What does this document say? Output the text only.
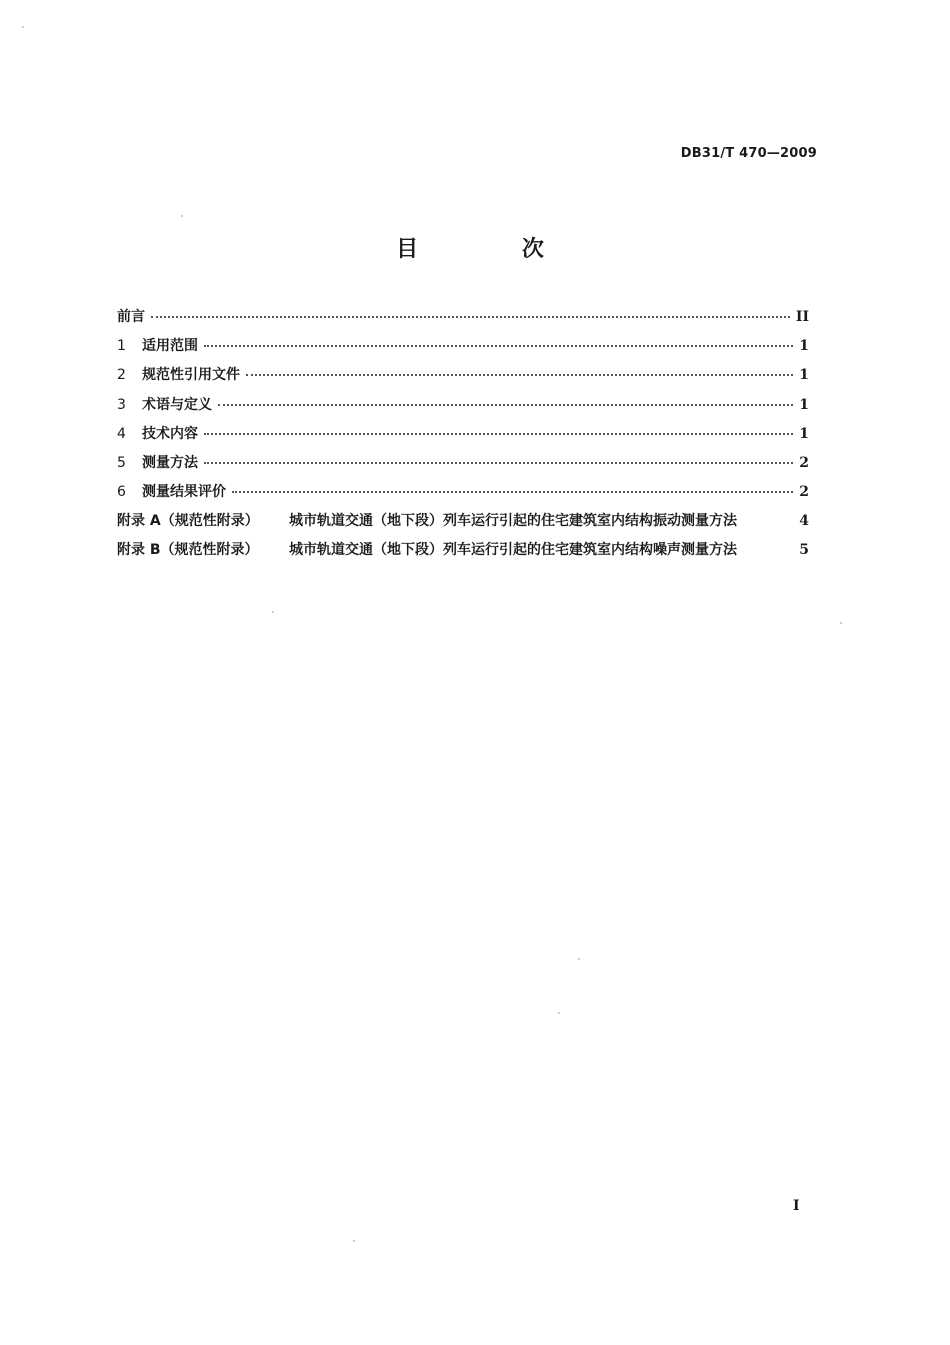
DB31/T 470—2009
目 次
前言	II
1	适用范围	1
2	规范性引用文件	1
3	术语与定义	1
4	技术内容	1
5	测量方法	2
6	测量结果评价	2
附录 A（规范性附录）	城市轨道交通（地下段）列车运行引起的住宅建筑室内结构振动测量方法	4
附录 B（规范性附录）	城市轨道交通（地下段）列车运行引起的住宅建筑室内结构噪声测量方法	5
I
